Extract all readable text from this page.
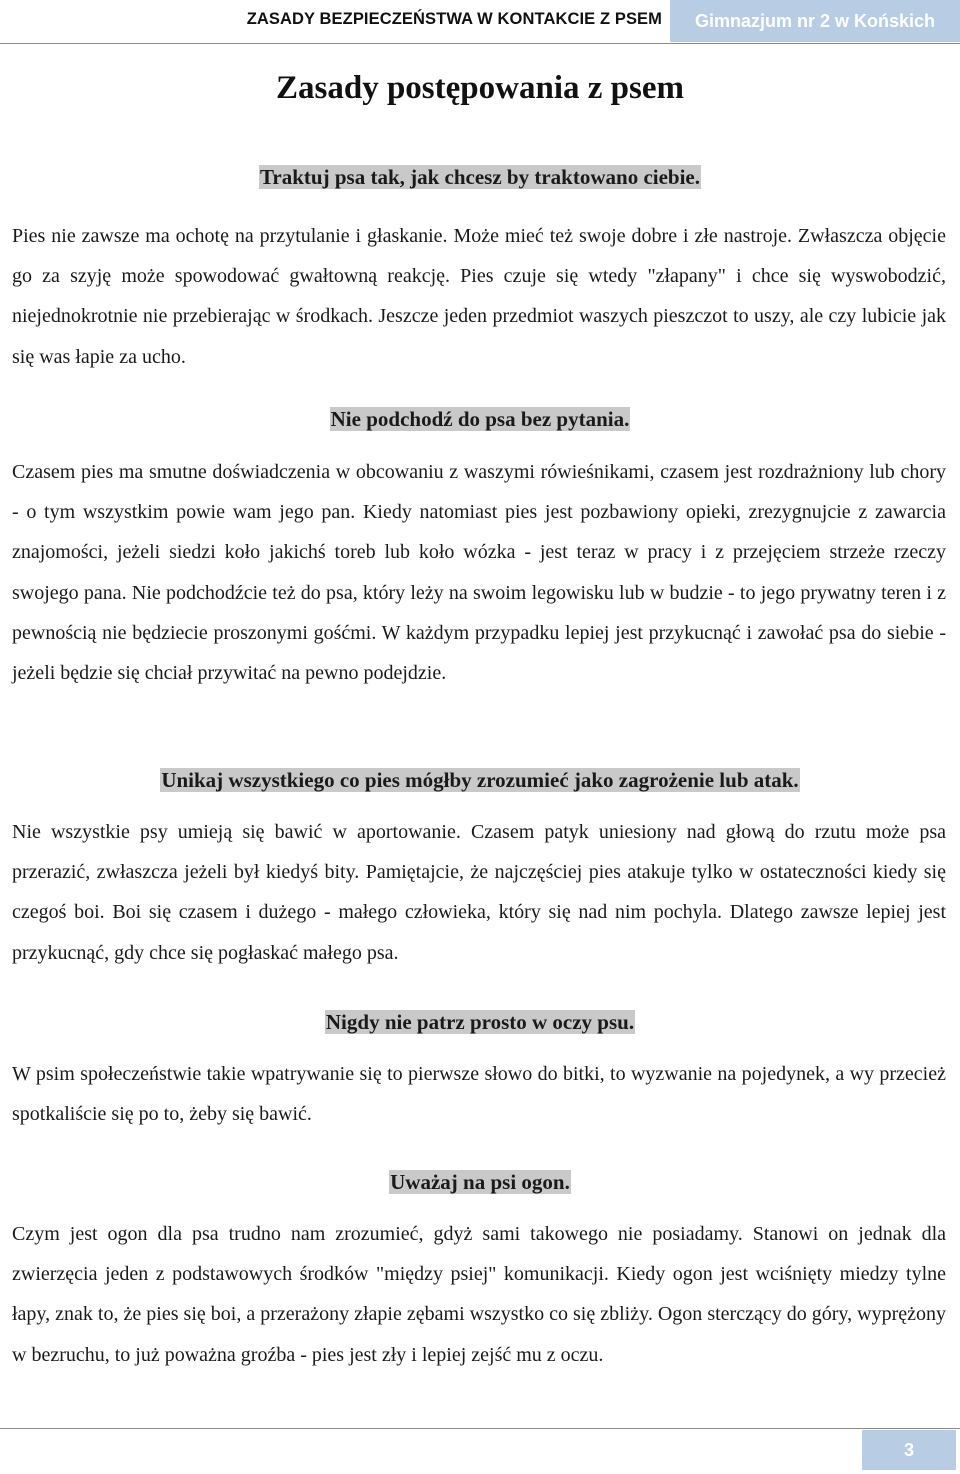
ZASADY BEZPIECZEŃSTWA W KONTAKCIE Z PSEM	Gimnazjum nr 2 w Końskich
Zasady postępowania z psem
Traktuj psa tak, jak chcesz by traktowano ciebie.

Pies nie zawsze ma ochotę na przytulanie i głaskanie. Może mieć też swoje dobre i złe nastroje. Zwłaszcza objęcie go za szyję może spowodować gwałtowną reakcję. Pies czuje się wtedy "złapany" i chce się wyswobodzić, niejednokrotnie nie przebierając w środkach. Jeszcze jeden przedmiot waszych pieszczot to uszy, ale czy lubicie jak się was łapie za ucho.

Nie podchodź do psa bez pytania.

Czasem pies ma smutne doświadczenia w obcowaniu z waszymi rówieśnikami, czasem jest rozdrażniony lub chory - o tym wszystkim powie wam jego pan. Kiedy natomiast pies jest pozbawiony opieki, zrezygnujcie z zawarcia znajomości, jeżeli siedzi koło jakichś toreb lub koło wózka - jest teraz w pracy i z przejęciem strzeże rzeczy swojego pana. Nie podchodźcie też do psa, który leży na swoim legowisku lub w budzie - to jego prywatny teren i z pewnością nie będziecie proszonymi gośćmi. W każdym przypadku lepiej jest przykucnąć i zawołać psa do siebie - jeżeli będzie się chciał przywitać na pewno podejdzie.

Unikaj wszystkiego co pies mógłby zrozumieć jako zagrożenie lub atak.

Nie wszystkie psy umieją się bawić w aportowanie. Czasem patyk uniesiony nad głową do rzutu może psa przerazić, zwłaszcza jeżeli był kiedyś bity. Pamiętajcie, że najczęściej pies atakuje tylko w ostateczności kiedy się czegoś boi. Boi się czasem i dużego - małego człowieka, który się nad nim pochyla. Dlatego zawsze lepiej jest przykucnąć, gdy chce się pogłaskać małego psa.

Nigdy nie patrz prosto w oczy psu.

W psim społeczeństwie takie wpatrywanie się to pierwsze słowo do bitki, to wyzwanie na pojedynek, a wy przecież spotkaliście się po to, żeby się bawić.

Uważaj na psi ogon.

Czym jest ogon dla psa trudno nam zrozumieć, gdyż sami takowego nie posiadamy. Stanowi on jednak dla zwierzęcia jeden z podstawowych środków "między psiej" komunikacji. Kiedy ogon jest wciśnięty miedzy tylne łapy, znak to, że pies się boi, a przerażony złapie zębami wszystko co się zbliży. Ogon sterczący do góry, wyprężony w bezruchu, to już poważna groźba - pies jest zły i lepiej zejść mu z oczu.

3
